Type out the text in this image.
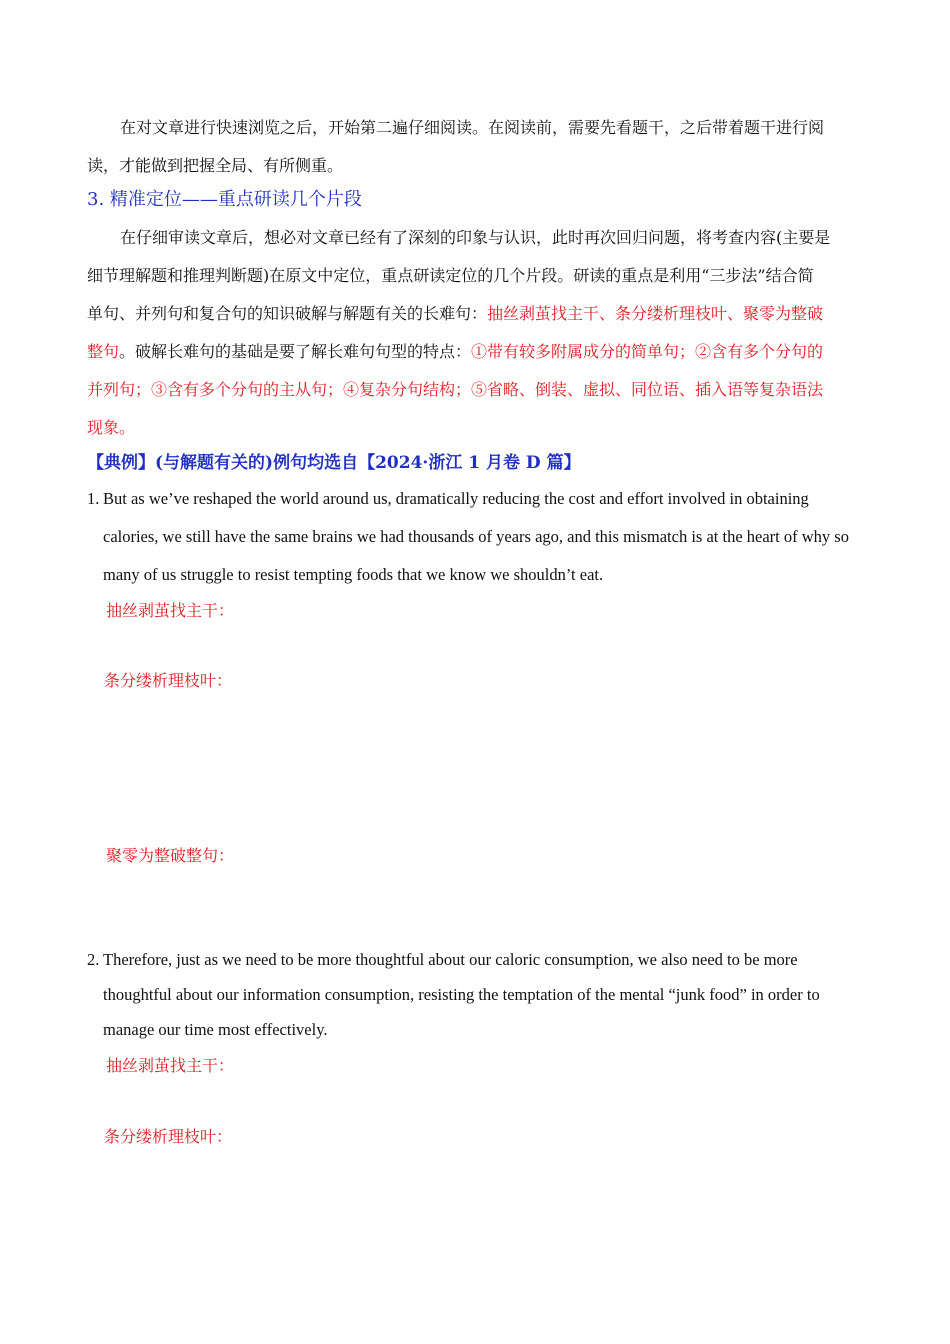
在对文章进行快速浏览之后，开始第二遍仔细阅读。在阅读前，需要先看题干，之后带着题干进行阅
读，才能做到把握全局、有所侧重。
3. 精准定位——重点研读几个片段
在仔细审读文章后，想必对文章已经有了深刻的印象与认识，此时再次回归问题，将考查内容(主要是
细节理解题和推理判断题)在原文中定位，重点研读定位的几个片段。研读的重点是利用“三步法”结合简
单句、并列句和复合句的知识破解与解题有关的长难句：抽丝剥茧找主干、条分缕析理枝叶、聚零为整破
整句。破解长难句的基础是要了解长难句句型的特点：①带有较多附属成分的简单句；②含有多个分句的
并列句；③含有多个分句的主从句；④复杂分句结构；⑤省略、倒装、虚拟、同位语、插入语等复杂语法
现象。
【典例】(与解题有关的)例句均选自【2024·浙江 1 月卷 D 篇】
1. But as we’ve reshaped the world around us, dramatically reducing the cost and effort involved in obtaining
calories, we still have the same brains we had thousands of years ago, and this mismatch is at the heart of why so
many of us struggle to resist tempting foods that we know we shouldn’t eat.
抽丝剥茧找主干：
条分缕析理枝叶：
聚零为整破整句：
2. Therefore, just as we need to be more thoughtful about our caloric consumption, we also need to be more
thoughtful about our information consumption, resisting the temptation of the mental “junk food” in order to
manage our time most effectively.
抽丝剥茧找主干：
条分缕析理枝叶：
